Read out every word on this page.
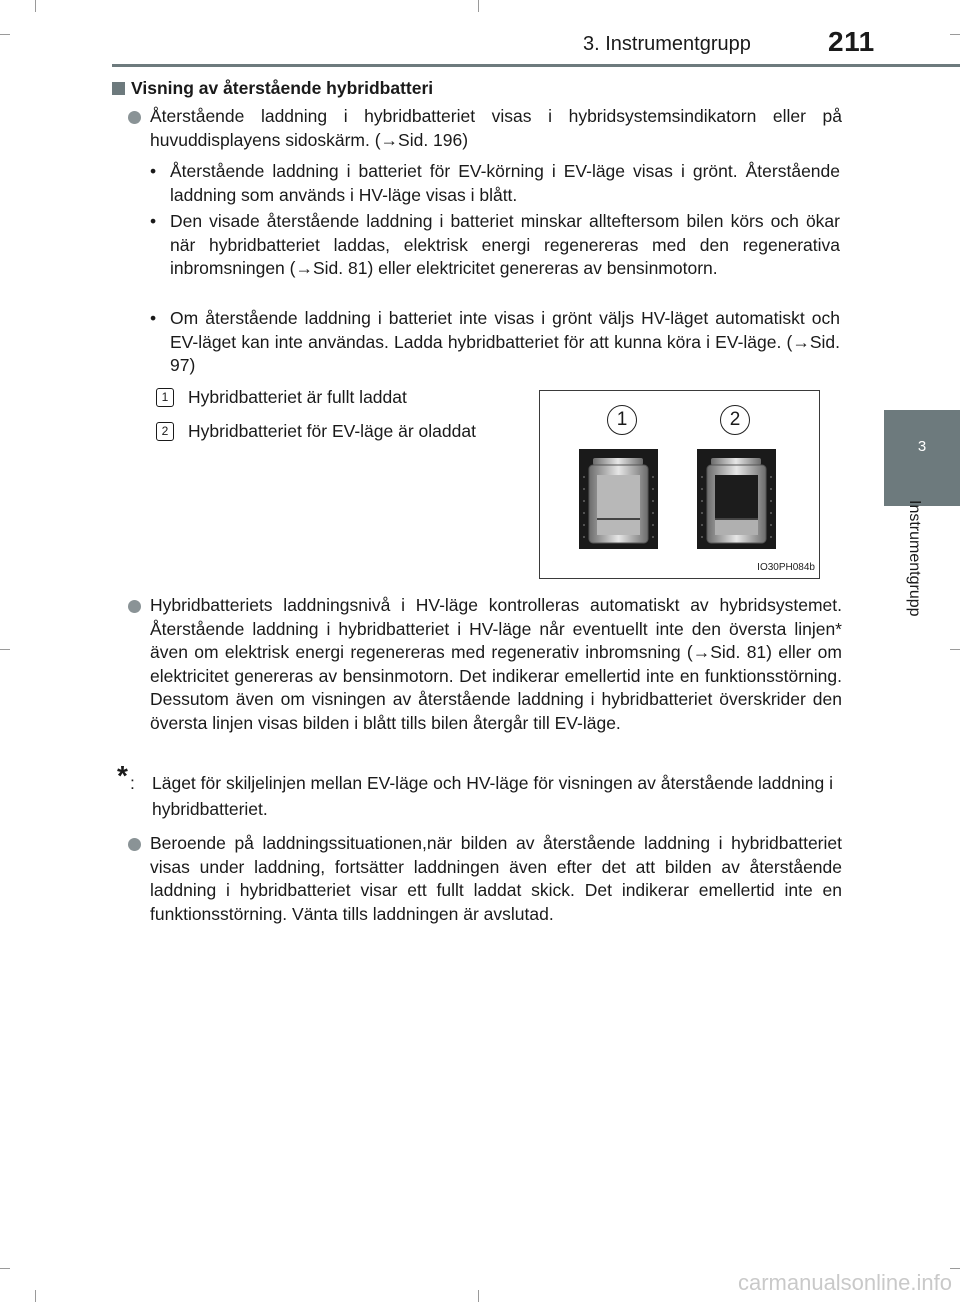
3. Instrumentgrupp	211
3
Instrumentgrupp
Visning av återstående hybridbatteri
Återstående laddning i hybridbatteriet visas i hybridsystemsindikatorn eller på huvuddisplayens sidoskärm. (→Sid. 196)
• Återstående laddning i batteriet för EV-körning i EV-läge visas i grönt. Återstående laddning som används i HV-läge visas i blått.
• Den visade återstående laddning i batteriet minskar allteftersom bilen körs och ökar när hybridbatteriet laddas, elektrisk energi regenereras med den regenerativa inbromsningen (→Sid. 81) eller elektricitet genereras av bensinmotorn.
• Om återstående laddning i batteriet inte visas i grönt väljs HV-läget automatiskt och EV-läget kan inte användas. Ladda hybridbatteriet för att kunna köra i EV-läge. (→Sid. 97)
1	Hybridbatteriet är fullt laddat
2	Hybridbatteriet för EV-läge är oladdat
1	2
IO30PH084b
Hybridbatteriets laddningsnivå i HV-läge kontrolleras automatiskt av hybridsystemet. Återstående laddning i hybridbatteriet i HV-läge når eventuellt inte den översta linjen* även om elektrisk energi regenereras med regenerativ inbromsning (→Sid. 81) eller om elektricitet genereras av bensinmotorn. Det indikerar emellertid inte en funktionsstörning. Dessutom även om visningen av återstående laddning i hybridbatteriet överskrider den översta linjen visas bilden i blått tills bilen återgår till EV-läge.
* : Läget för skiljelinjen mellan EV-läge och HV-läge för visningen av återstående laddning i hybridbatteriet.
Beroende på laddningssituationen,när bilden av återstående laddning i hybridbatteriet visas under laddning, fortsätter laddningen även efter det att bilden av återstående laddning i hybridbatteriet visar ett fullt laddat skick. Det indikerar emellertid inte en funktionsstörning. Vänta tills laddningen är avslutad.
carmanualsonline.info
